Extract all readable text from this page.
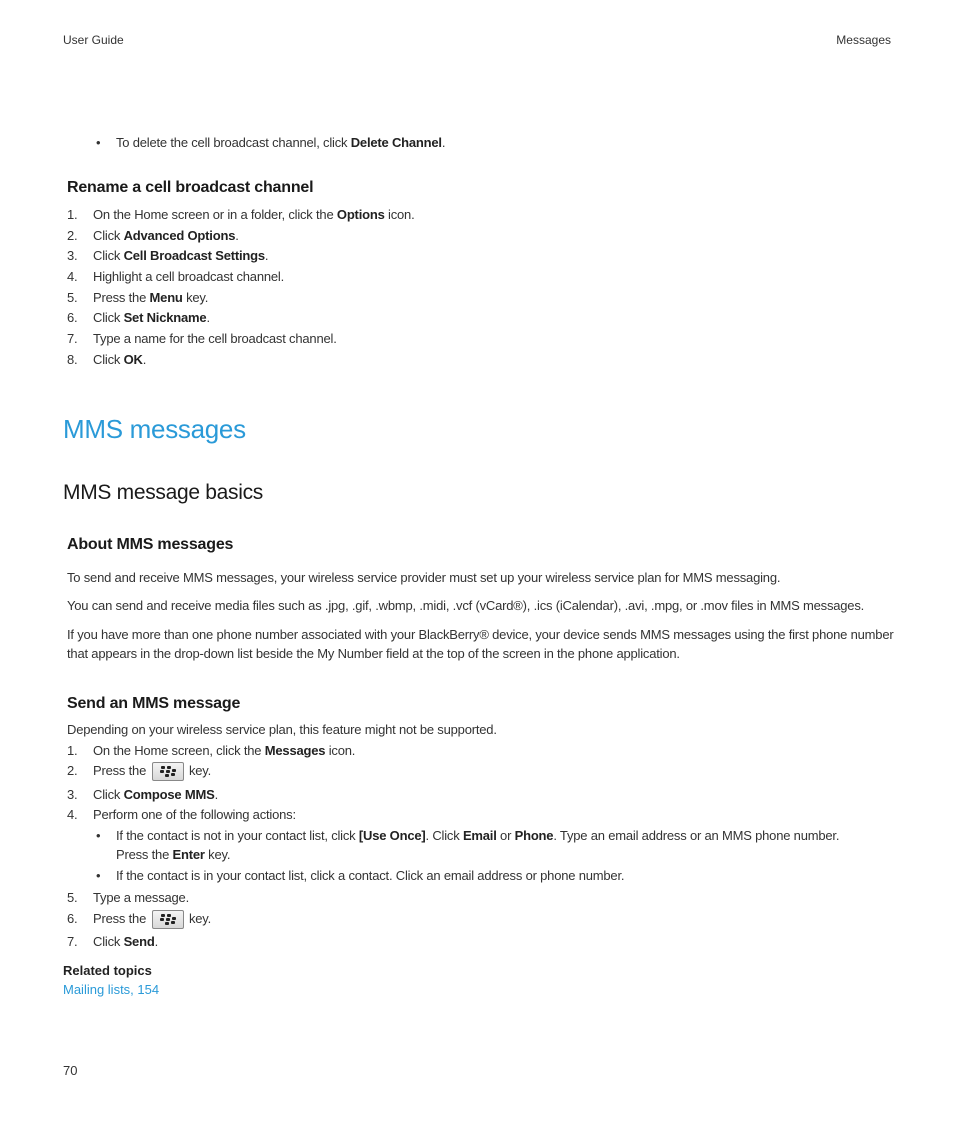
User Guide	Messages
• To delete the cell broadcast channel, click Delete Channel.
Rename a cell broadcast channel
1. On the Home screen or in a folder, click the Options icon.
2. Click Advanced Options.
3. Click Cell Broadcast Settings.
4. Highlight a cell broadcast channel.
5. Press the Menu key.
6. Click Set Nickname.
7. Type a name for the cell broadcast channel.
8. Click OK.
MMS messages
MMS message basics
About MMS messages
To send and receive MMS messages, your wireless service provider must set up your wireless service plan for MMS messaging.
You can send and receive media files such as .jpg, .gif, .wbmp, .midi, .vcf (vCard®), .ics (iCalendar), .avi, .mpg, or .mov files in MMS messages.
If you have more than one phone number associated with your BlackBerry® device, your device sends MMS messages using the first phone number that appears in the drop-down list beside the My Number field at the top of the screen in the phone application.
Send an MMS message
Depending on your wireless service plan, this feature might not be supported.
1. On the Home screen, click the Messages icon.
2. Press the	key.
3. Click Compose MMS.
4. Perform one of the following actions:
• If the contact is not in your contact list, click [Use Once]. Click Email or Phone. Type an email address or an MMS phone number.
Press the Enter key.
• If the contact is in your contact list, click a contact. Click an email address or phone number.
5. Type a message.
6. Press the	key.
7. Click Send.
Related topics
Mailing lists, 154
70
